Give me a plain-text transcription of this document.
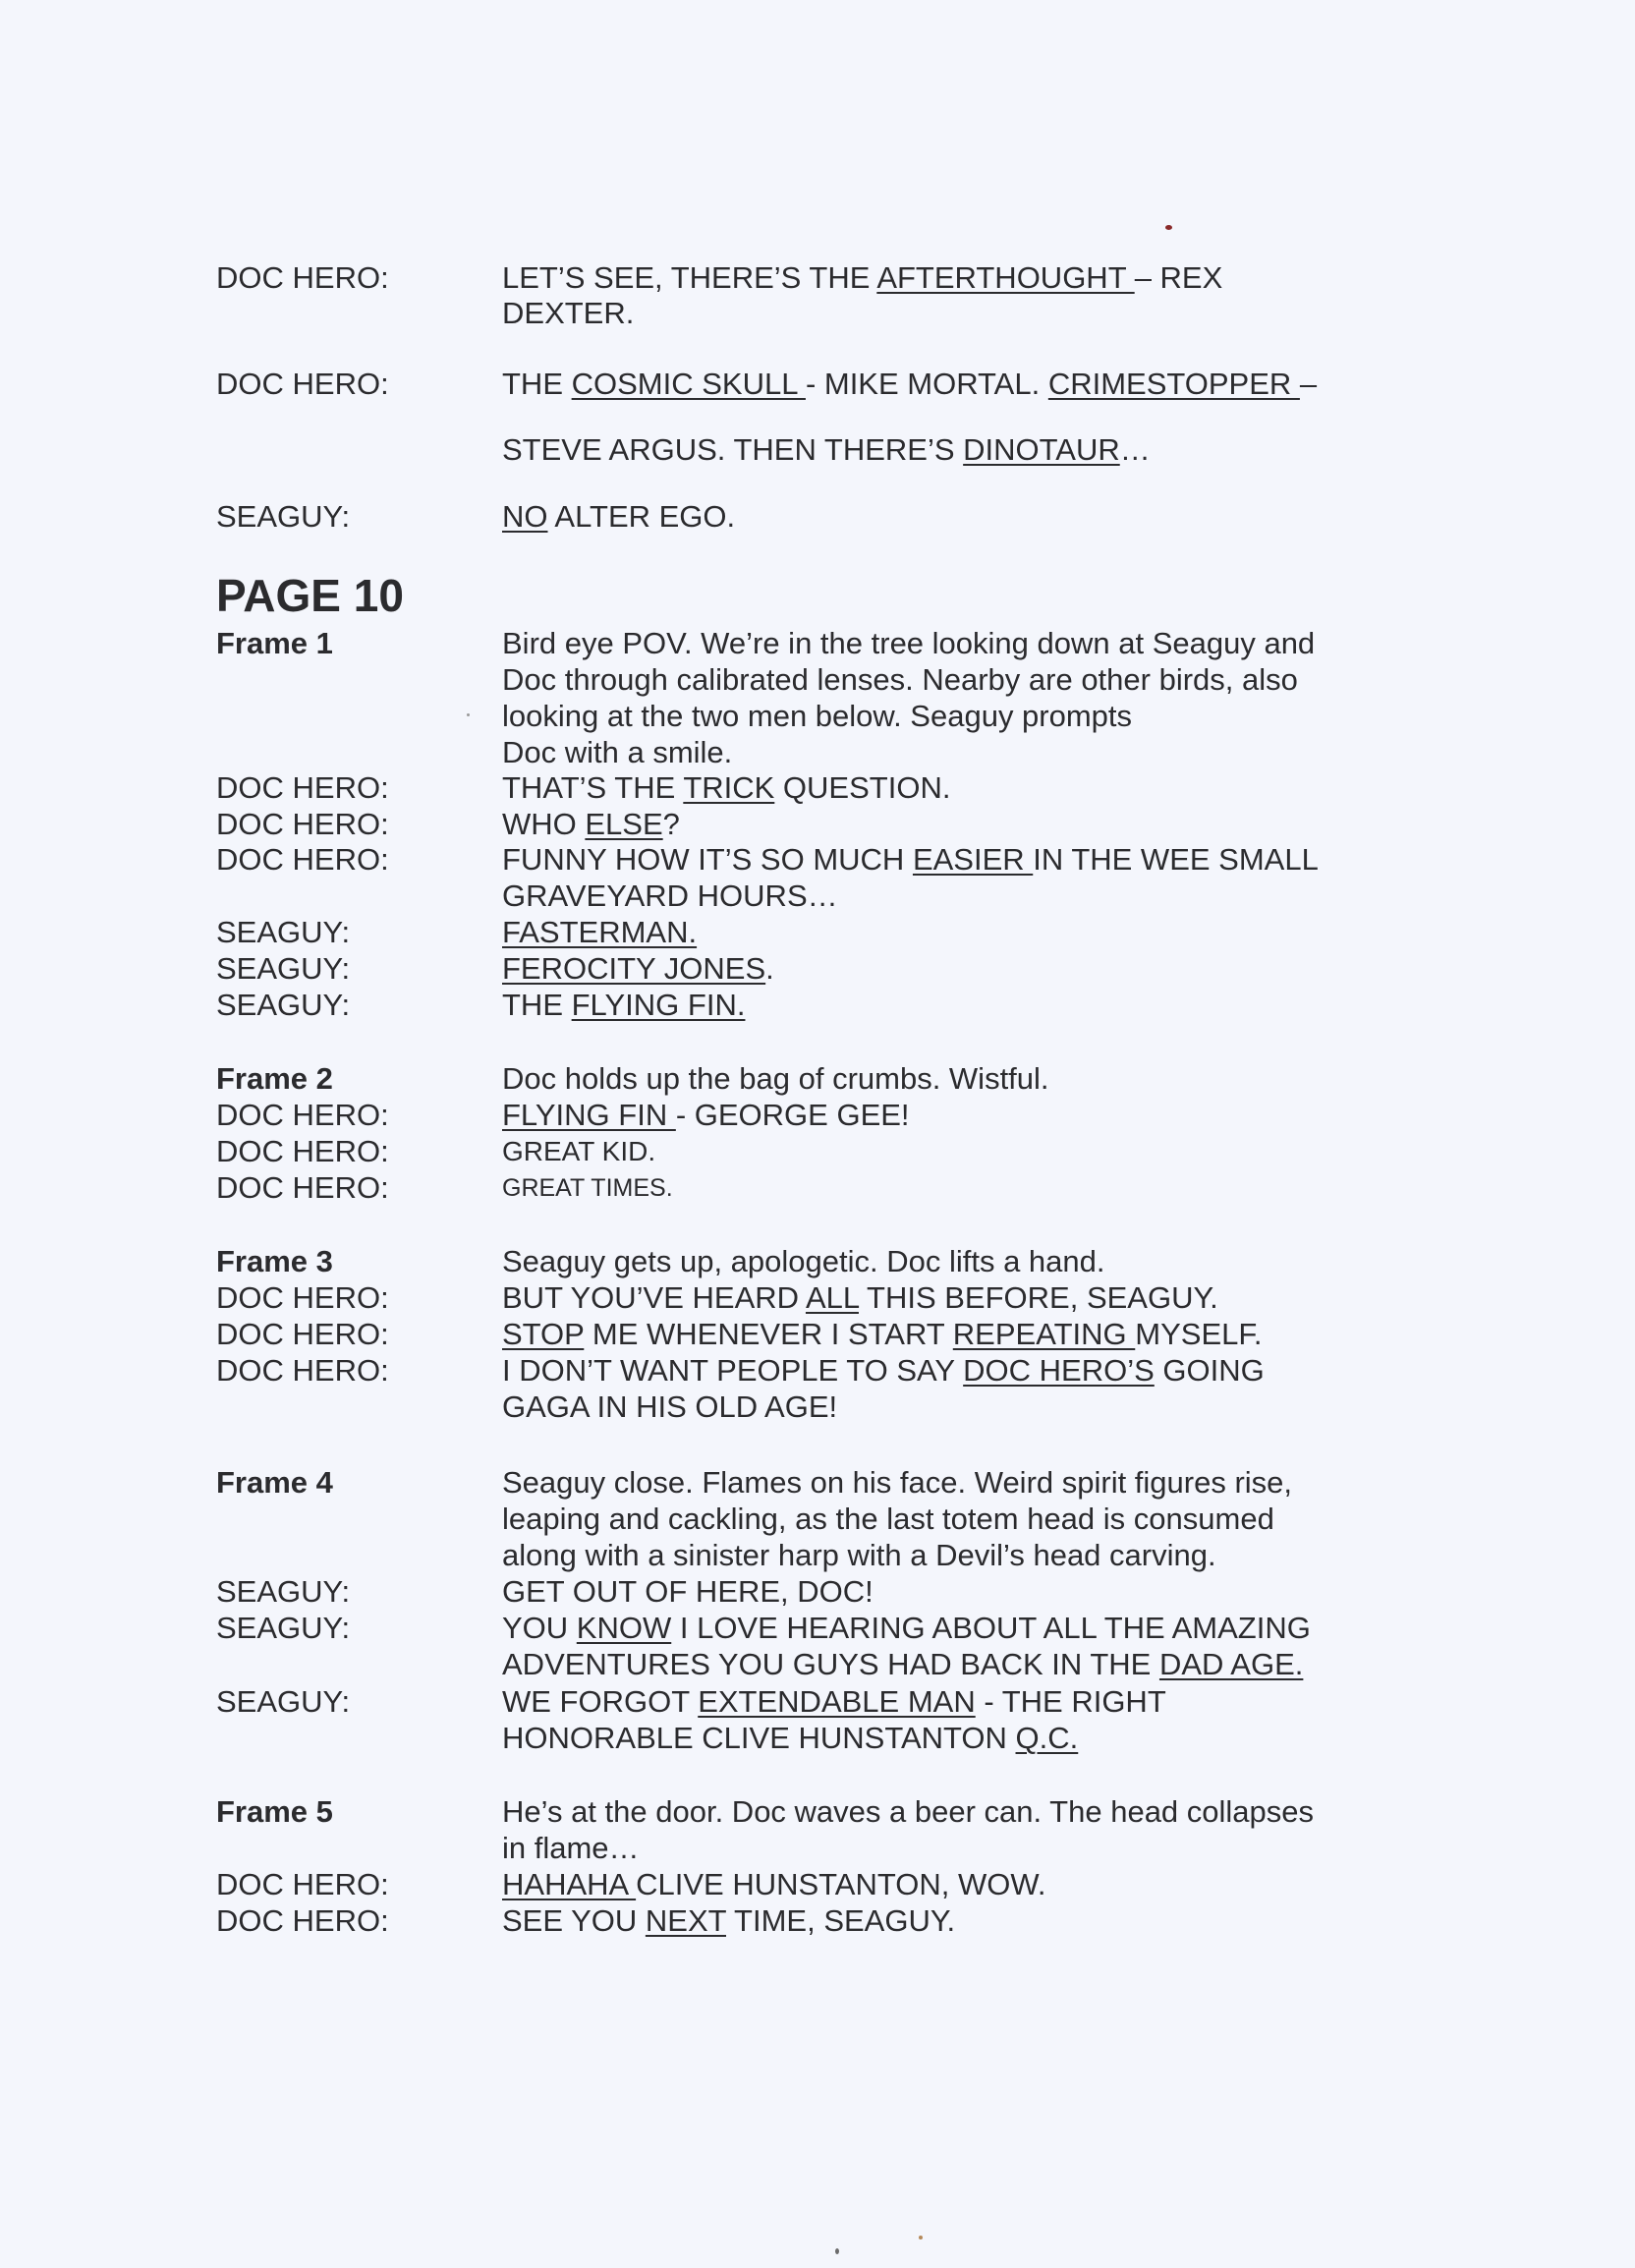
PAGE 10
DOC HERO:	LET’S SEE, THERE’S THE AFTERTHOUGHT – REX
DEXTER.
DOC HERO:	THE COSMIC SKULL - MIKE MORTAL. CRIMESTOPPER –
STEVE ARGUS. THEN THERE’S DINOTAUR…
SEAGUY:	NO ALTER EGO.
Frame 1	Bird eye POV. We’re in the tree looking down at Seaguy and
Doc through calibrated lenses. Nearby are other birds, also
looking at the two men below. Seaguy prompts
Doc with a smile.
DOC HERO:	THAT’S THE TRICK QUESTION.
DOC HERO:	WHO ELSE?
DOC HERO:	FUNNY HOW IT’S SO MUCH EASIER IN THE WEE SMALL
GRAVEYARD HOURS…
SEAGUY:	FASTERMAN.
SEAGUY:	FEROCITY JONES.
SEAGUY:	THE FLYING FIN.
Frame 2	Doc holds up the bag of crumbs. Wistful.
DOC HERO:	FLYING FIN - GEORGE GEE!
DOC HERO:	GREAT KID.
DOC HERO:	GREAT TIMES.
Frame 3	Seaguy gets up, apologetic. Doc lifts a hand.
DOC HERO:	BUT YOU’VE HEARD ALL THIS BEFORE, SEAGUY.
DOC HERO:	STOP ME WHENEVER I START REPEATING MYSELF.
DOC HERO:	I DON’T WANT PEOPLE TO SAY DOC HERO’S GOING
GAGA IN HIS OLD AGE!
Frame 4	Seaguy close. Flames on his face. Weird spirit figures rise,
leaping and cackling, as the last totem head is consumed
along with a sinister harp with a Devil’s head carving.
SEAGUY:	GET OUT OF HERE, DOC!
SEAGUY:	YOU KNOW I LOVE HEARING ABOUT ALL THE AMAZING
ADVENTURES YOU GUYS HAD BACK IN THE DAD AGE.
SEAGUY:	WE FORGOT EXTENDABLE MAN - THE RIGHT
HONORABLE CLIVE HUNSTANTON Q.C.
Frame 5	He’s at the door. Doc waves a beer can. The head collapses
in flame…
DOC HERO:	HAHAHA CLIVE HUNSTANTON, WOW.
DOC HERO:	SEE YOU NEXT TIME, SEAGUY.
